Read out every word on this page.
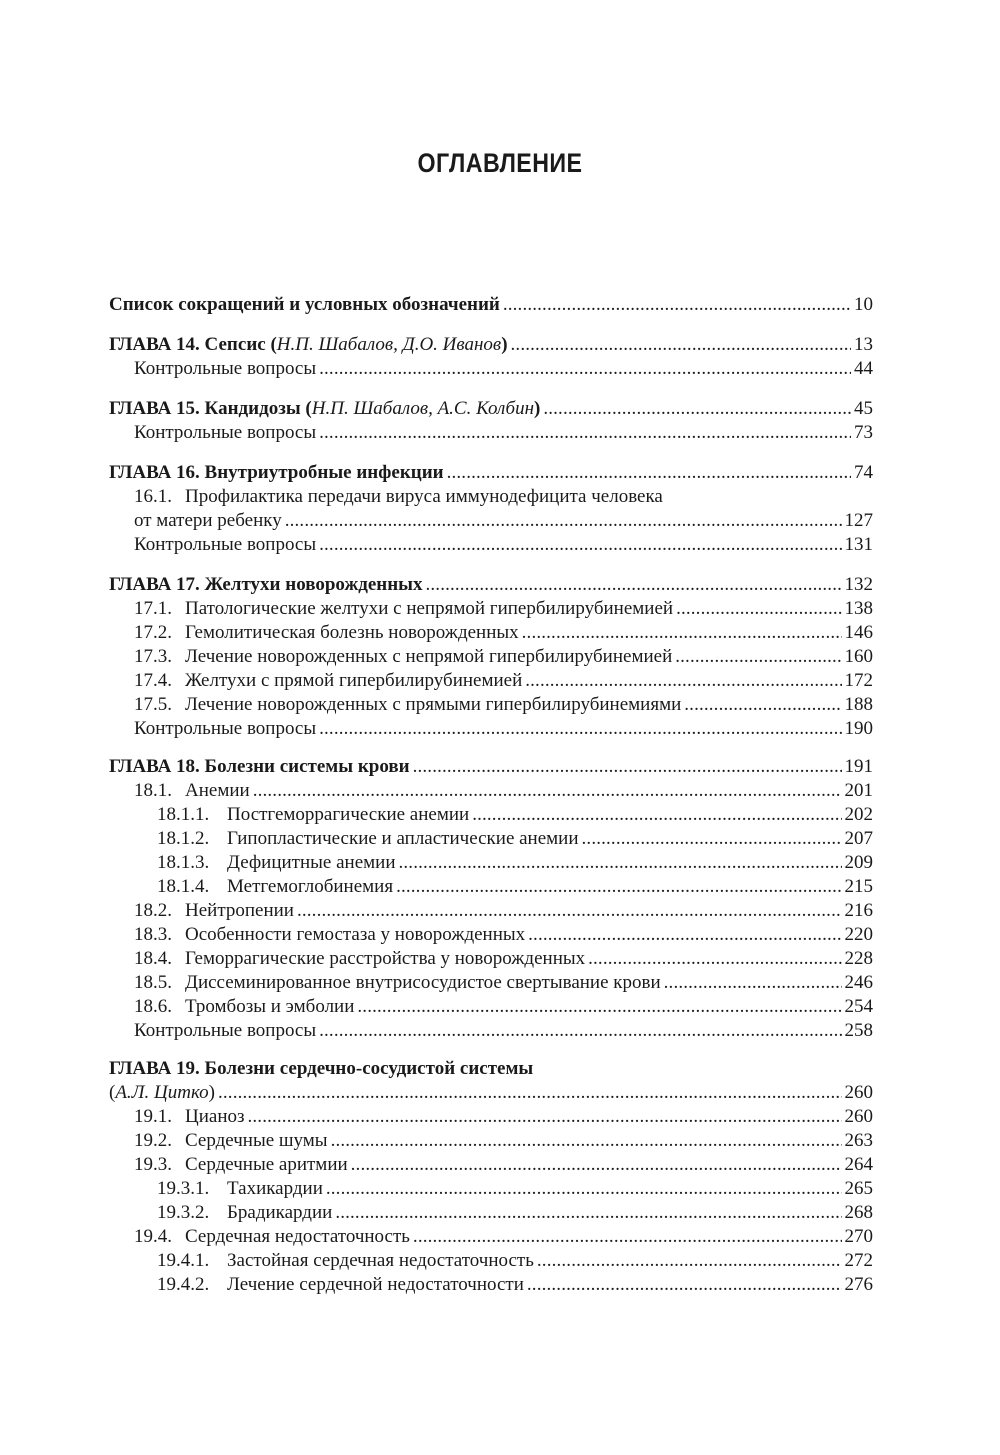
ОГЛАВЛЕНИЕ
Список сокращений и условных обозначений . . .	10
ГЛАВА 14. Сепсис (Н.П. Шабалов, Д.О. Иванов) . . .	13
Контрольные вопросы . . .	44
ГЛАВА 15. Кандидозы (Н.П. Шабалов, А.С. Колбин) . . .	45
Контрольные вопросы . . .	73
ГЛАВА 16. Внутриутробные инфекции . . .	74
16.1. Профилактика передачи вируса иммунодефицита человека
от матери ребенку . . .	127
Контрольные вопросы . . .	131
ГЛАВА 17. Желтухи новорожденных . . .	132
17.1. Патологические желтухи с непрямой гипербилирубинемией . . .	138
17.2. Гемолитическая болезнь новорожденных . . .	146
17.3. Лечение новорожденных с непрямой гипербилирубинемией . . .	160
17.4. Желтухи с прямой гипербилирубинемией . . .	172
17.5. Лечение новорожденных с прямыми гипербилирубинемиями . . .	188
Контрольные вопросы . . .	190
ГЛАВА 18. Болезни системы крови . . .	191
18.1. Анемии . . .	201
18.1.1. Постгеморрагические анемии . . .	202
18.1.2. Гипопластические и апластические анемии . . .	207
18.1.3. Дефицитные анемии . . .	209
18.1.4. Метгемоглобинемия . . .	215
18.2. Нейтропении . . .	216
18.3. Особенности гемостаза у новорожденных . . .	220
18.4. Геморрагические расстройства у новорожденных . . .	228
18.5. Диссеминированное внутрисосудистое свертывание крови . . .	246
18.6. Тромбозы и эмболии . . .	254
Контрольные вопросы . . .	258
ГЛАВА 19. Болезни сердечно-сосудистой системы
(А.Л. Цитко) . . .	260
19.1. Цианоз . . .	260
19.2. Сердечные шумы . . .	263
19.3. Сердечные аритмии . . .	264
19.3.1. Тахикардии . . .	265
19.3.2. Брадикардии . . .	268
19.4. Сердечная недостаточность . . .	270
19.4.1. Застойная сердечная недостаточность . . .	272
19.4.2. Лечение сердечной недостаточности . . .	276
